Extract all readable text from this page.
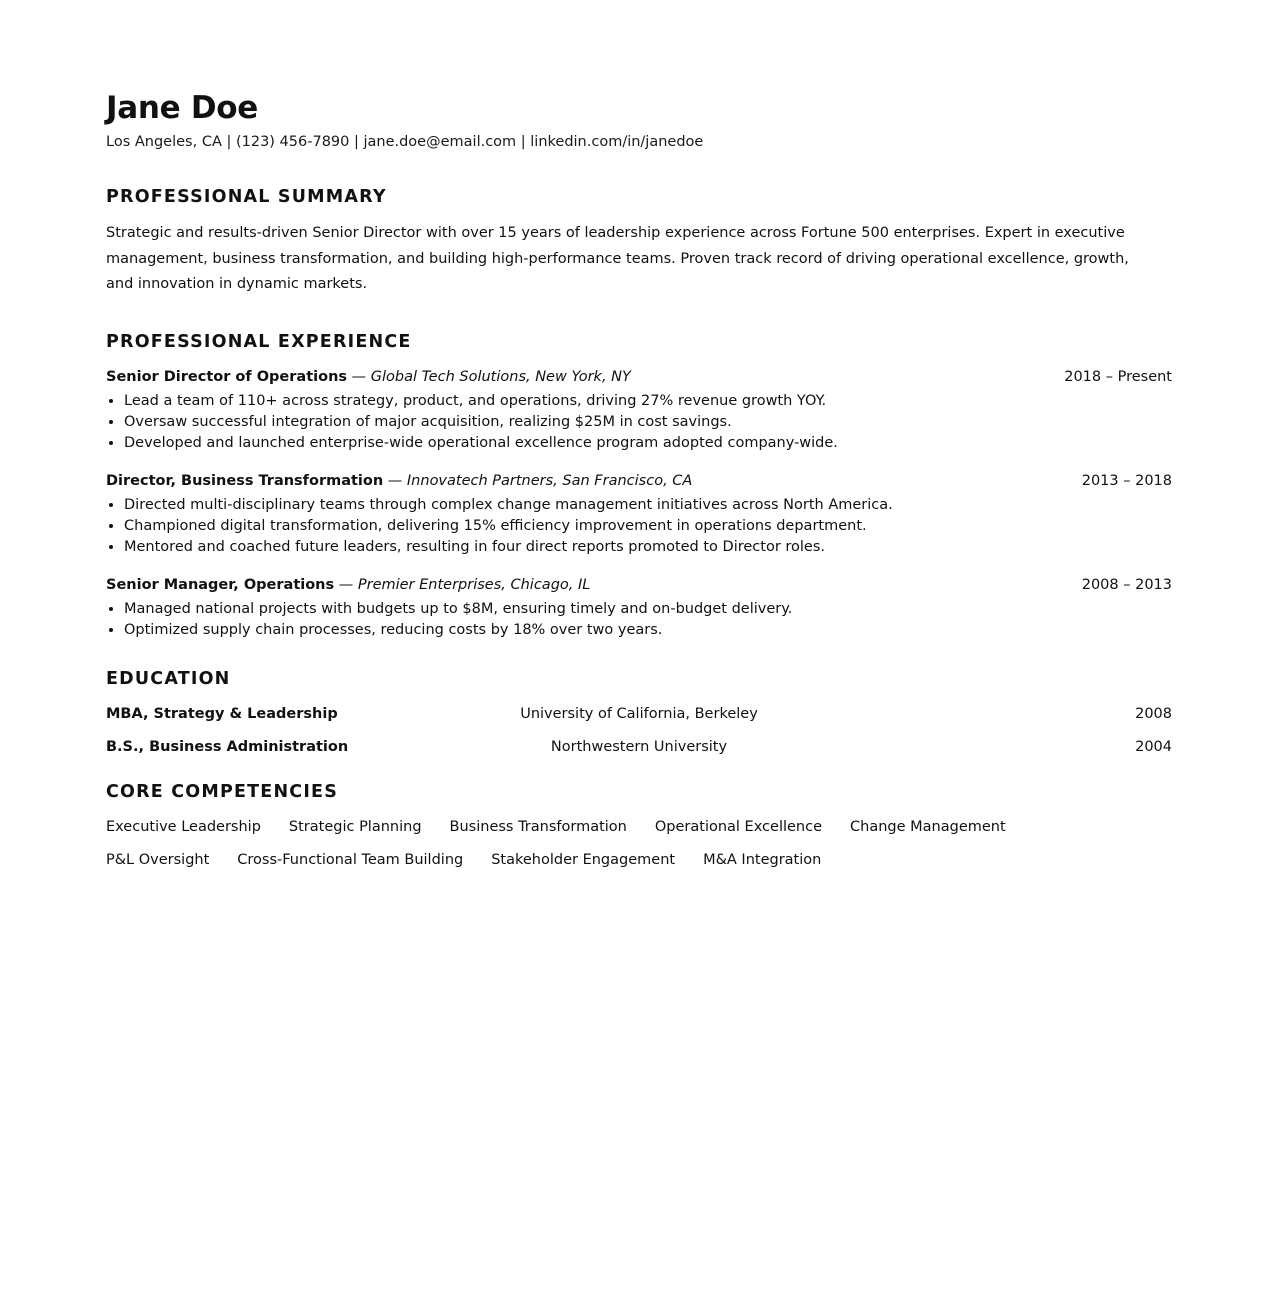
Jane Doe
Los Angeles, CA | (123) 456-7890 | jane.doe@email.com | linkedin.com/in/janedoe
PROFESSIONAL SUMMARY

Strategic and results-driven Senior Director with over 15 years of leadership experience across Fortune 500 enterprises. Expert in executive management, business transformation, and building high-performance teams. Proven track record of driving operational excellence, growth, and innovation in dynamic markets.

PROFESSIONAL EXPERIENCE
Senior Director of Operations — Global Tech Solutions, New York, NY	2018 – Present
• Lead a team of 110+ across strategy, product, and operations, driving 27% revenue growth YOY.
• Oversaw successful integration of major acquisition, realizing $25M in cost savings.
• Developed and launched enterprise-wide operational excellence program adopted company-wide.
Director, Business Transformation — Innovatech Partners, San Francisco, CA	2013 – 2018
• Directed multi-disciplinary teams through complex change management initiatives across North America.
• Championed digital transformation, delivering 15% efficiency improvement in operations department.
• Mentored and coached future leaders, resulting in four direct reports promoted to Director roles.
Senior Manager, Operations — Premier Enterprises, Chicago, IL	2008 – 2013
• Managed national projects with budgets up to $8M, ensuring timely and on-budget delivery.
• Optimized supply chain processes, reducing costs by 18% over two years.
EDUCATION
MBA, Strategy & Leadership	University of California, Berkeley	2008
B.S., Business Administration	Northwestern University	2004
CORE COMPETENCIES
Executive Leadership Strategic Planning Business Transformation Operational Excellence Change Management
P&L Oversight Cross-Functional Team Building Stakeholder Engagement M&A Integration
